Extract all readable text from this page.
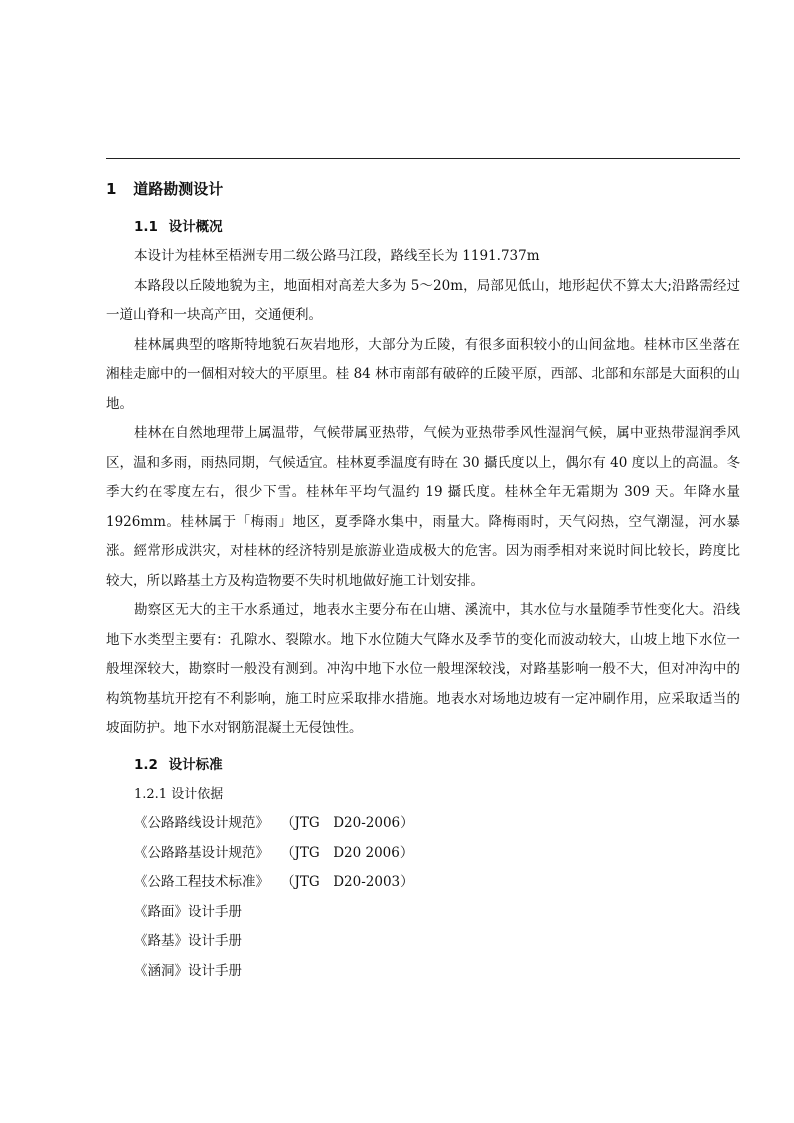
1 道路勘测设计
1.1 设计概况

本设计为桂林至梧洲专用二级公路马江段，路线至长为 1191.737m

本路段以丘陵地貌为主，地面相对高差大多为 5～20m，局部见低山，地形起伏不算太大;沿路需经过一道山脊和一块高产田，交通便利。

桂林属典型的喀斯特地貌石灰岩地形，大部分为丘陵，有很多面积较小的山间盆地。桂林市区坐落在湘桂走廊中的一個相对较大的平原里。桂 84 林市南部有破碎的丘陵平原，西部、北部和东部是大面积的山地。

桂林在自然地理带上属温带，气候带属亚热带，气候为亚热带季风性湿润气候，属中亚热带湿润季风区，温和多雨，雨热同期，气候适宜。桂林夏季温度有時在 30 攝氏度以上，偶尔有 40 度以上的高温。冬季大约在零度左右，很少下雪。桂林年平均气温约 19 攝氏度。桂林全年无霜期为 309 天。年降水量 1926mm。桂林属于「梅雨」地区，夏季降水集中，雨量大。降梅雨时，天气闷热，空气潮湿，河水暴涨。經常形成洪灾，对桂林的经济特别是旅游业造成极大的危害。因为雨季相对来说时间比较长，跨度比较大，所以路基土方及构造物要不失时机地做好施工计划安排。

勘察区无大的主干水系通过，地表水主要分布在山塘、溪流中，其水位与水量随季节性变化大。沿线地下水类型主要有：孔隙水、裂隙水。地下水位随大气降水及季节的变化而波动较大，山坡上地下水位一般埋深较大，勘察时一般没有测到。冲沟中地下水位一般埋深较浅，对路基影响一般不大，但对冲沟中的构筑物基坑开挖有不利影响，施工时应采取排水措施。地表水对场地边坡有一定冲刷作用，应采取适当的坡面防护。地下水对钢筋混凝土无侵蚀性。

1.2 设计标准
1.2.1 设计依据
《公路路线设计规范》 （JTG　D20-2006）
《公路路基设计规范》 （JTG　D20 2006）
《公路工程技术标准》 （JTG　D20-2003）
《路面》设计手册
《路基》设计手册
《涵洞》设计手册
